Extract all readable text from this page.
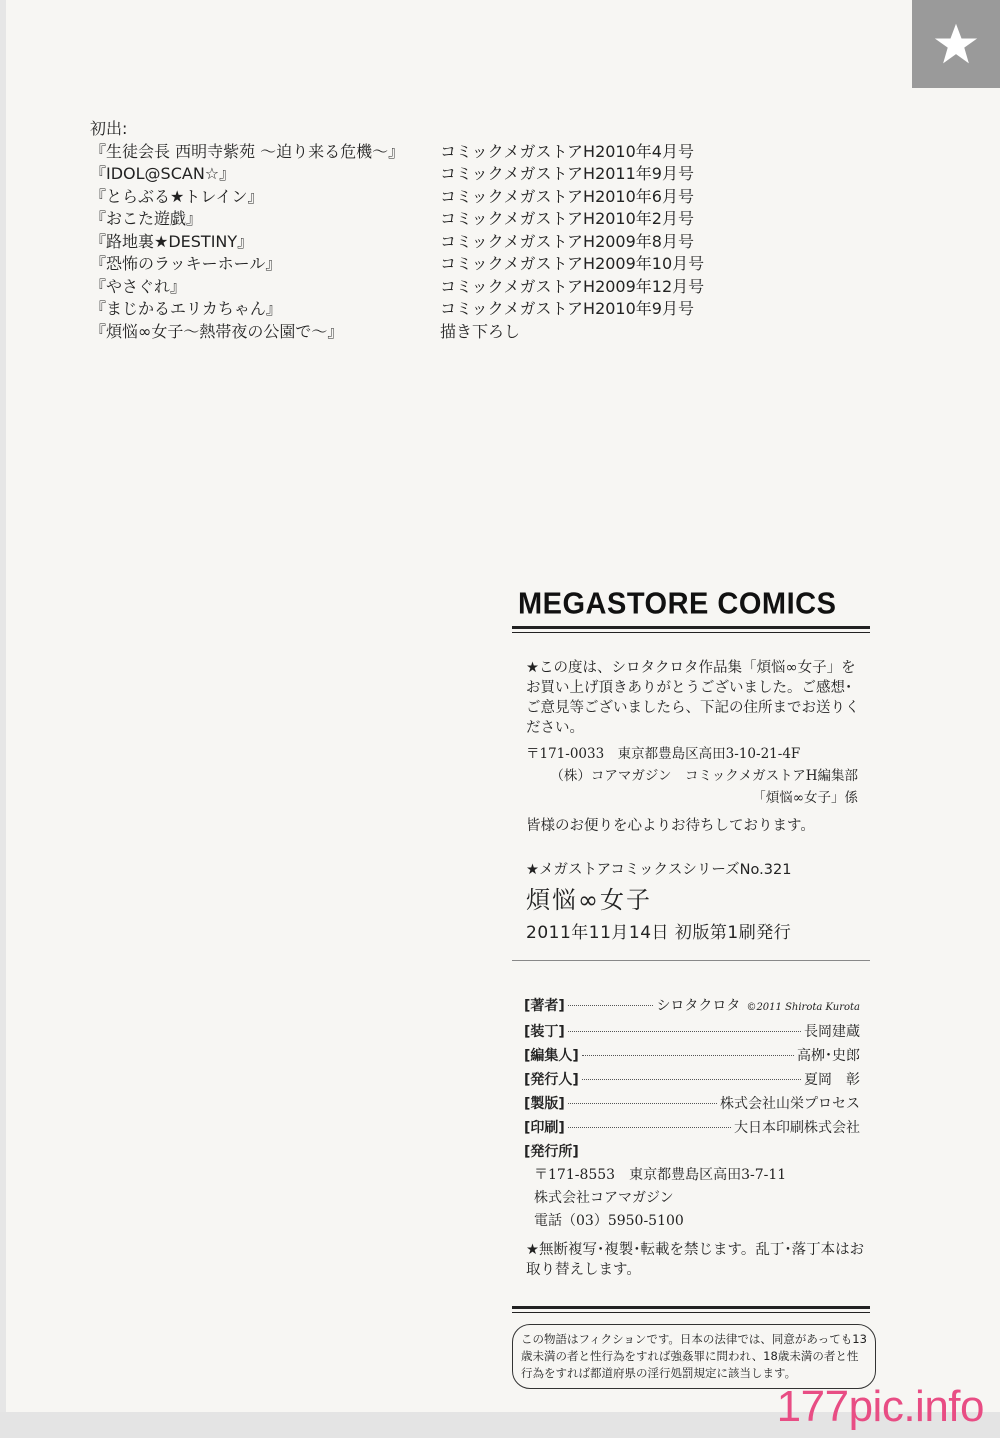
初出:
『生徒会長 西明寺紫苑 ～迫り来る危機～』	コミックメガストアH2010年4月号
『IDOL@SCAN☆』	コミックメガストアH2011年9月号
『とらぶる★トレイン』	コミックメガストアH2010年6月号
『おこた遊戯』	コミックメガストアH2010年2月号
『路地裏★DESTINY』	コミックメガストアH2009年8月号
『恐怖のラッキーホール』	コミックメガストアH2009年10月号
『やさぐれ』	コミックメガストアH2009年12月号
『まじかるエリカちゃん』	コミックメガストアH2010年9月号
『煩悩∞女子～熱帯夜の公園で～』	描き下ろし
MEGASTORE COMICS
★この度は、シロタクロタ作品集「煩悩∞女子」をお買い上げ頂きありがとうございました。ご感想･ご意見等ございましたら、下記の住所までお送りください。
〒171-0033　東京都豊島区高田3-10-21-4F
（株）コアマガジン　コミックメガストアH編集部
「煩悩∞女子」係
皆様のお便りを心よりお待ちしております。
★メガストアコミックスシリーズNo.321
煩悩∞女子
2011年11月14日 初版第1刷発行
[著者]	シロタクロタ ©2011 Shirota Kurota
[装丁]	長岡建蔵
[編集人]	高栁･史郎
[発行人]	夏岡　彰
[製版]	株式会社山栄プロセス
[印刷]	大日本印刷株式会社
[発行所]
〒171-8553　東京都豊島区高田3-7-11
株式会社コアマガジン
電話（03）5950-5100
★無断複写･複製･転載を禁じます。乱丁･落丁本はお取り替えします。
この物語はフィクションです。日本の法律では、同意があっても13歳未満の者と性行為をすれば強姦罪に問われ、18歳未満の者と性行為をすれば都道府県の淫行処罰規定に該当します。
177pic.info
